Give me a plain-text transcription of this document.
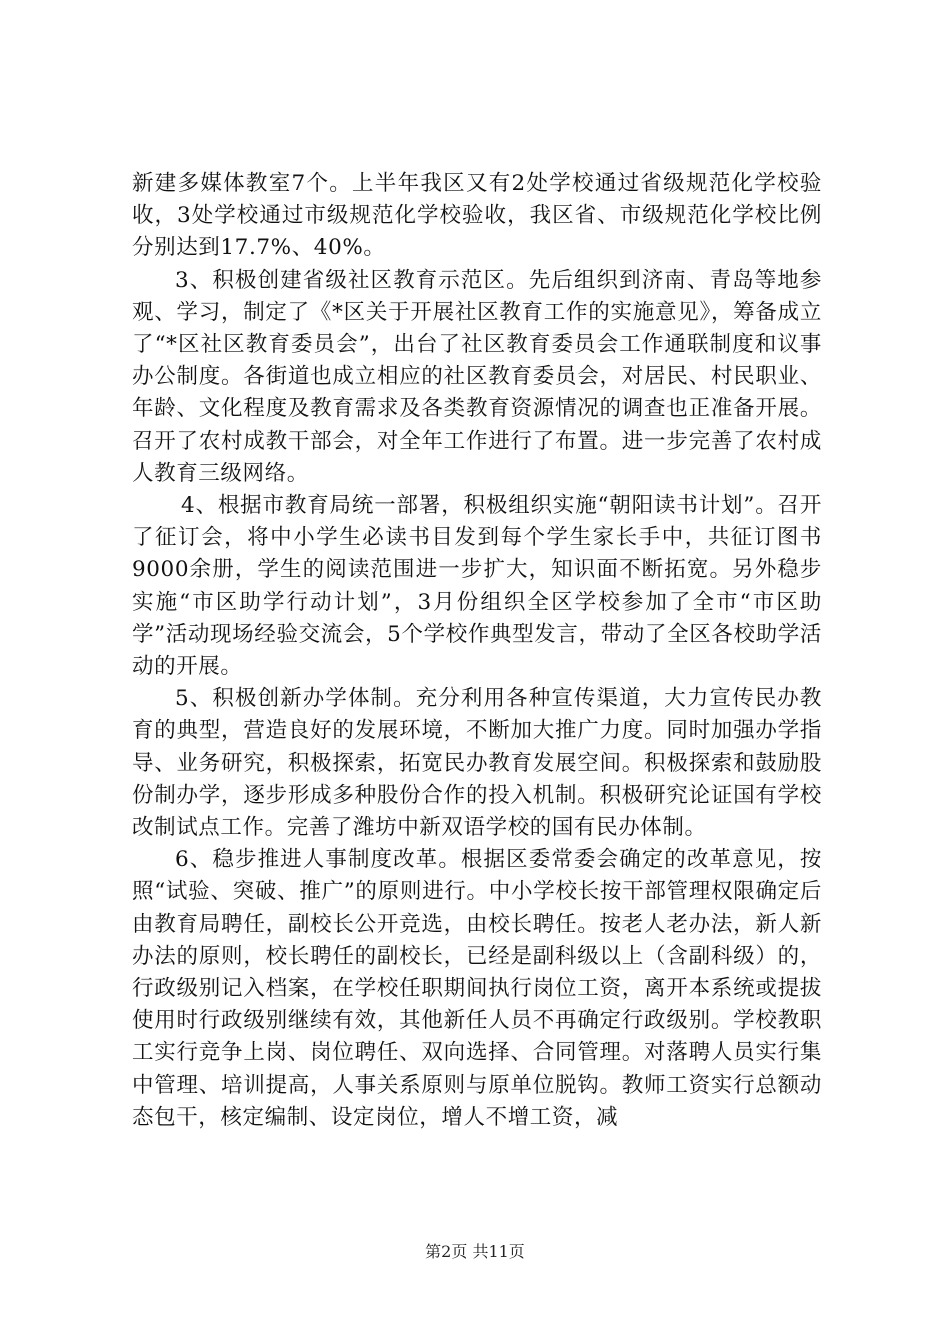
新建多媒体教室7个。上半年我区又有2处学校通过省级规范化学校验收，3处学校通过市级规范化学校验收，我区省、市级规范化学校比例分别达到17.7%、40%。

3、积极创建省级社区教育示范区。先后组织到济南、青岛等地参观、学习，制定了《*区关于开展社区教育工作的实施意见》，筹备成立了“*区社区教育委员会”，出台了社区教育委员会工作通联制度和议事办公制度。各街道也成立相应的社区教育委员会，对居民、村民职业、年龄、文化程度及教育需求及各类教育资源情况的调查也正准备开展。召开了农村成教干部会，对全年工作进行了布置。进一步完善了农村成人教育三级网络。

4、根据市教育局统一部署，积极组织实施“朝阳读书计划”。召开了征订会，将中小学生必读书目发到每个学生家长手中，共征订图书9000余册，学生的阅读范围进一步扩大，知识面不断拓宽。另外稳步实施“市区助学行动计划”，3月份组织全区学校参加了全市“市区助学”活动现场经验交流会，5个学校作典型发言，带动了全区各校助学活动的开展。

5、积极创新办学体制。充分利用各种宣传渠道，大力宣传民办教育的典型，营造良好的发展环境，不断加大推广力度。同时加强办学指导、业务研究，积极探索，拓宽民办教育发展空间。积极探索和鼓励股份制办学，逐步形成多种股份合作的投入机制。积极研究论证国有学校改制试点工作。完善了潍坊中新双语学校的国有民办体制。

6、稳步推进人事制度改革。根据区委常委会确定的改革意见，按照“试验、突破、推广”的原则进行。中小学校长按干部管理权限确定后由教育局聘任，副校长公开竞选，由校长聘任。按老人老办法，新人新办法的原则，校长聘任的副校长，已经是副科级以上（含副科级）的，行政级别记入档案，在学校任职期间执行岗位工资，离开本系统或提拔使用时行政级别继续有效，其他新任人员不再确定行政级别。学校教职工实行竞争上岗、岗位聘任、双向选择、合同管理。对落聘人员实行集中管理、培训提高，人事关系原则与原单位脱钩。教师工资实行总额动态包干，核定编制、设定岗位，增人不增工资，减

第2页 共11页
